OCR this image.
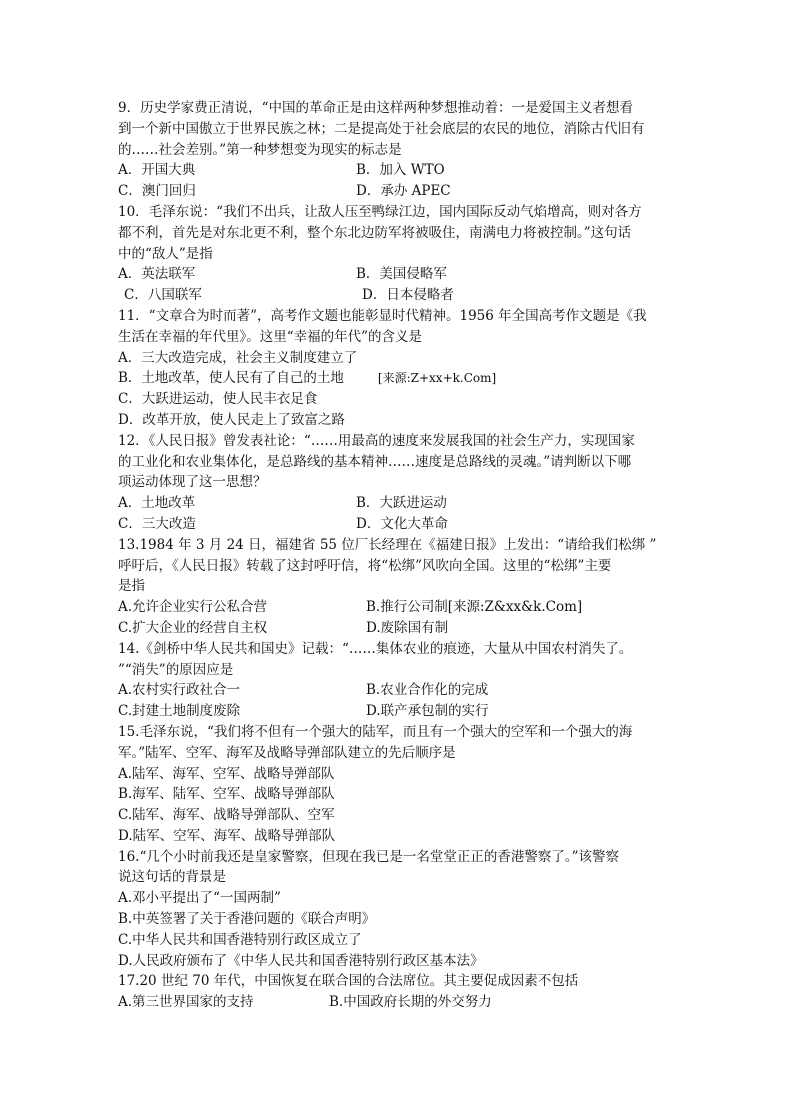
9．历史学家费正清说，“中国的革命正是由这样两种梦想推动着：一是爱国主义者想看
到一个新中国傲立于世界民族之林；二是提高处于社会底层的农民的地位，消除古代旧有
的……社会差别。”第一种梦想变为现实的标志是
A．开国大典	B．加入 WTO
C．澳门回归	D．承办 APEC
10．毛泽东说：“我们不出兵，让敌人压至鸭绿江边，国内国际反动气焰增高，则对各方
都不利，首先是对东北更不利，整个东北边防军将被吸住，南满电力将被控制。”这句话
中的“敌人”是指
A．英法联军	B．美国侵略军
C．八国联军	D．日本侵略者
11．“文章合为时而著”，高考作文题也能彰显时代精神。1956 年全国高考作文题是《我
生活在幸福的年代里》。这里“幸福的年代”的含义是
A．三大改造完成，社会主义制度建立了
B．土地改革，使人民有了自己的土地	[来源:Z+xx+k.Com]
C．大跃进运动，使人民丰衣足食
D．改革开放，使人民走上了致富之路
12．《人民日报》曾发表社论：“……用最高的速度来发展我国的社会生产力，实现国家
的工业化和农业集体化，是总路线的基本精神……速度是总路线的灵魂。”请判断以下哪
项运动体现了这一思想？
A．土地改革	B．大跃进运动
C．三大改造	D．文化大革命
13.1984 年 3 月 24 日，福建省 55 位厂长经理在《福建日报》上发出：“请给我们松绑 ”
呼吁后，《人民日报》转载了这封呼吁信，将“松绑”风吹向全国。这里的“松绑”主要
是指
A.允许企业实行公私合营	B.推行公司制[来源:Z&xx&k.Com]
C.扩大企业的经营自主权	D.废除国有制
14.《剑桥中华人民共和国史》记载：“……集体农业的痕迹，大量从中国农村消失了。
”“消失”的原因应是
A.农村实行政社合一	B.农业合作化的完成
C.封建土地制度废除	D.联产承包制的实行
15.毛泽东说，“我们将不但有一个强大的陆军，而且有一个强大的空军和一个强大的海
军。”陆军、空军、海军及战略导弹部队建立的先后顺序是
A.陆军、海军、空军、战略导弹部队
B.海军、陆军、空军、战略导弹部队
C.陆军、海军、战略导弹部队、空军
D.陆军、空军、海军、战略导弹部队
16.“几个小时前我还是皇家警察，但现在我已是一名堂堂正正的香港警察了。”该警察
说这句话的背景是
A.邓小平提出了“一国两制”
B.中英签署了关于香港问题的《联合声明》
C.中华人民共和国香港特别行政区成立了
D.人民政府颁布了《中华人民共和国香港特别行政区基本法》
17.20 世纪 70 年代，中国恢复在联合国的合法席位。其主要促成因素不包括
A.第三世界国家的支持	B.中国政府长期的外交努力
